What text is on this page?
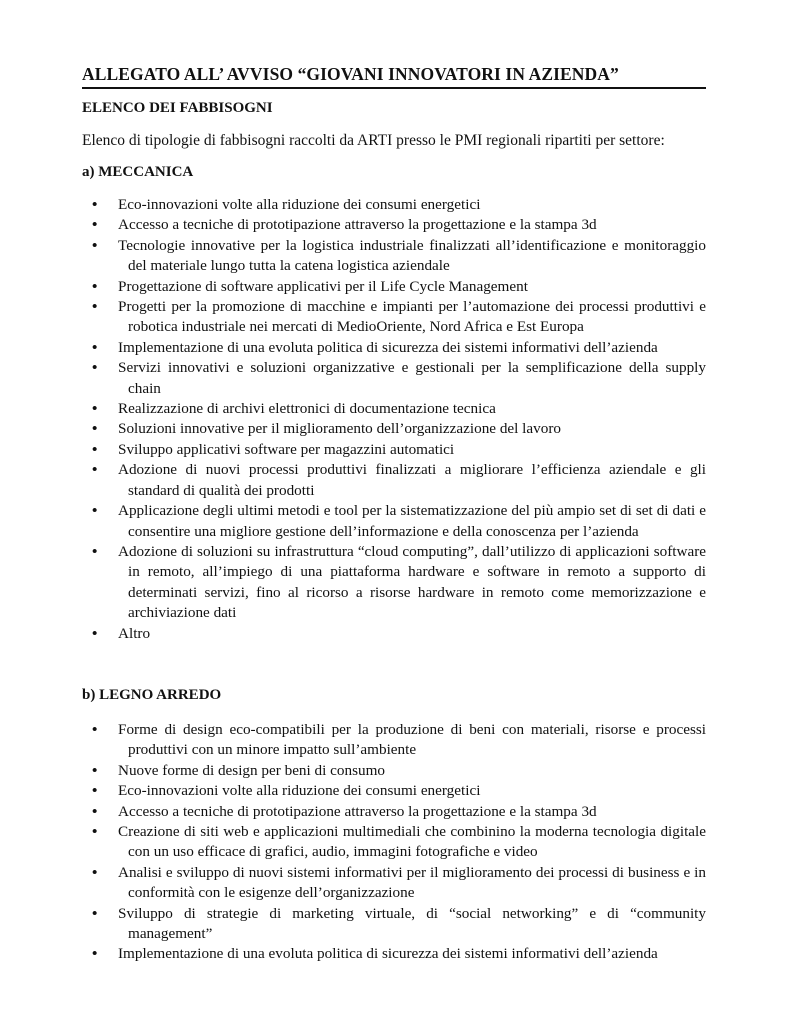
ALLEGATO ALL’ AVVISO “GIOVANI INNOVATORI IN AZIENDA”
ELENCO DEI FABBISOGNI
Elenco di tipologie di fabbisogni raccolti da ARTI presso le PMI regionali ripartiti per settore:
a) MECCANICA
• Eco-innovazioni volte alla riduzione dei consumi energetici
• Accesso a tecniche di prototipazione attraverso la progettazione e la stampa 3d
• Tecnologie innovative per la logistica industriale finalizzati all’identificazione e monitoraggio del materiale lungo tutta la catena logistica aziendale
• Progettazione di software applicativi per il Life Cycle Management
• Progetti per la promozione di macchine e impianti per l’automazione dei processi produttivi e robotica industriale nei mercati di MedioOriente, Nord Africa e Est Europa
• Implementazione di una evoluta politica di sicurezza dei sistemi informativi dell’azienda
• Servizi innovativi e soluzioni organizzative e gestionali per la semplificazione della supply chain
• Realizzazione di archivi elettronici di documentazione tecnica
• Soluzioni innovative per il miglioramento dell’organizzazione del lavoro
• Sviluppo applicativi software per magazzini automatici
• Adozione di nuovi processi produttivi finalizzati a migliorare l’efficienza aziendale e gli standard di qualità dei prodotti
• Applicazione degli ultimi metodi e tool per la sistematizzazione del più ampio set di set di dati e consentire una migliore gestione dell’informazione e della conoscenza per l’azienda
• Adozione di soluzioni su infrastruttura “cloud computing”, dall’utilizzo di applicazioni software in remoto, all’impiego di una piattaforma hardware e software in remoto a supporto di determinati servizi, fino al ricorso a risorse hardware in remoto come memorizzazione e archiviazione dati
• Altro
b) LEGNO ARREDO
• Forme di design eco-compatibili per la produzione di beni con materiali, risorse e processi produttivi con un minore impatto sull’ambiente
• Nuove forme di design per beni di consumo
• Eco-innovazioni volte alla riduzione dei consumi energetici
• Accesso a tecniche di prototipazione attraverso la progettazione e la stampa 3d
• Creazione di siti web e applicazioni multimediali che combinino la moderna tecnologia digitale con un uso efficace di grafici, audio, immagini fotografiche e video
• Analisi e sviluppo di nuovi sistemi informativi per il miglioramento dei processi di business e in conformità con le esigenze dell’organizzazione
• Sviluppo di strategie di marketing virtuale, di “social networking” e di “community management”
• Implementazione di una evoluta politica di sicurezza dei sistemi informativi dell’azienda
